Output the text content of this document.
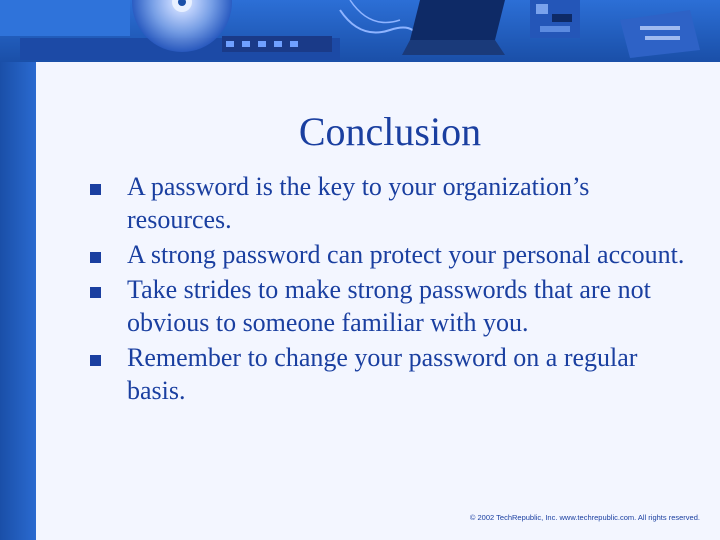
Conclusion
A password is the key to your organization’s resources.
A strong password can protect your personal account.
Take strides to make strong passwords that are not obvious to someone familiar with you.
Remember to change your password on a regular basis.
© 2002 TechRepublic, Inc. www.techrepublic.com. All rights reserved.
